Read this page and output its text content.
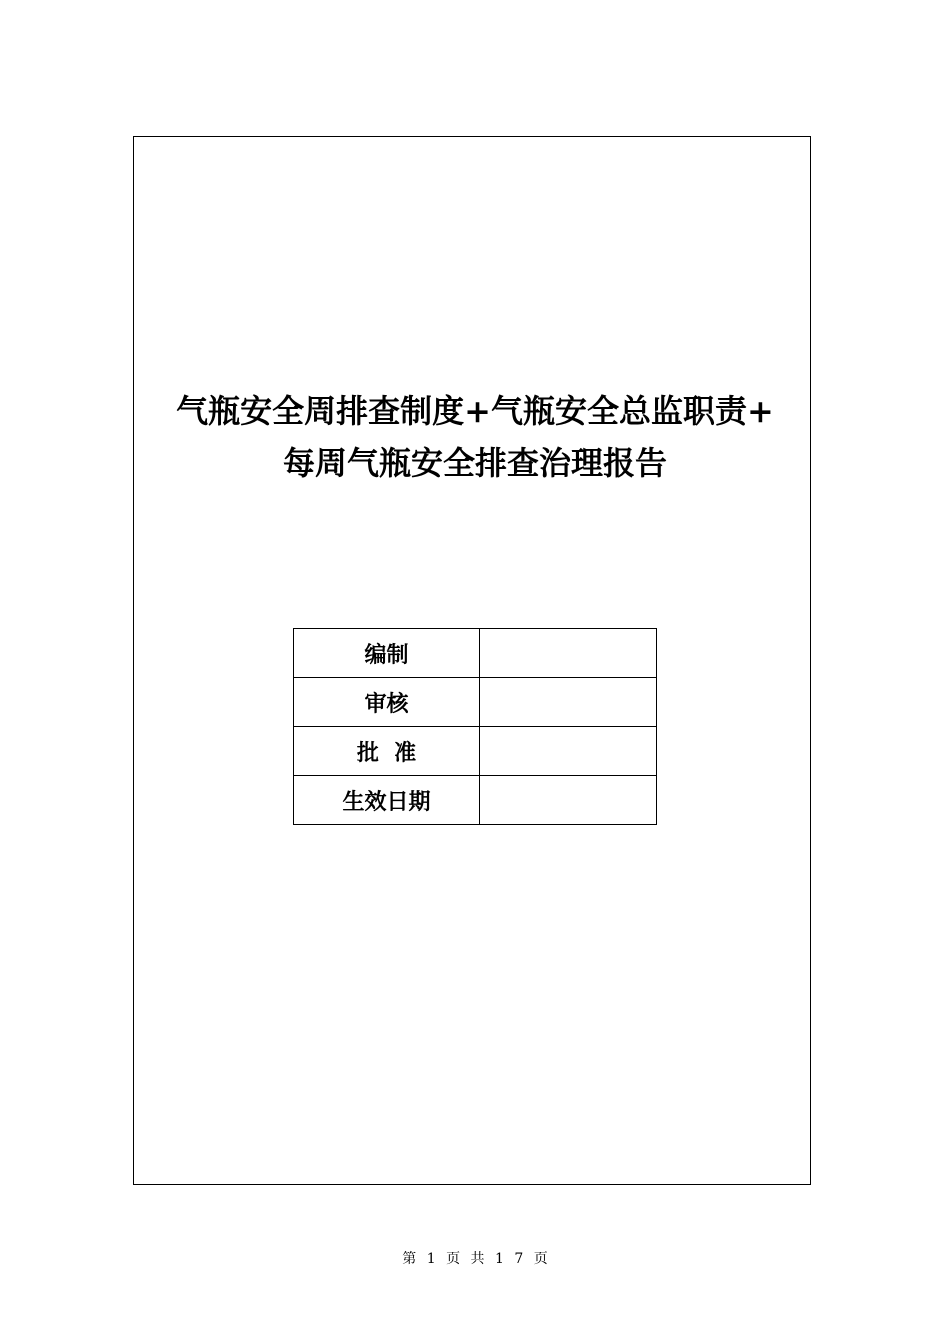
气瓶安全周排查制度+气瓶安全总监职责+
每周气瓶安全排查治理报告
编制	
审核	
批  准	
生效日期	
第 1 页 共 1 7 页
